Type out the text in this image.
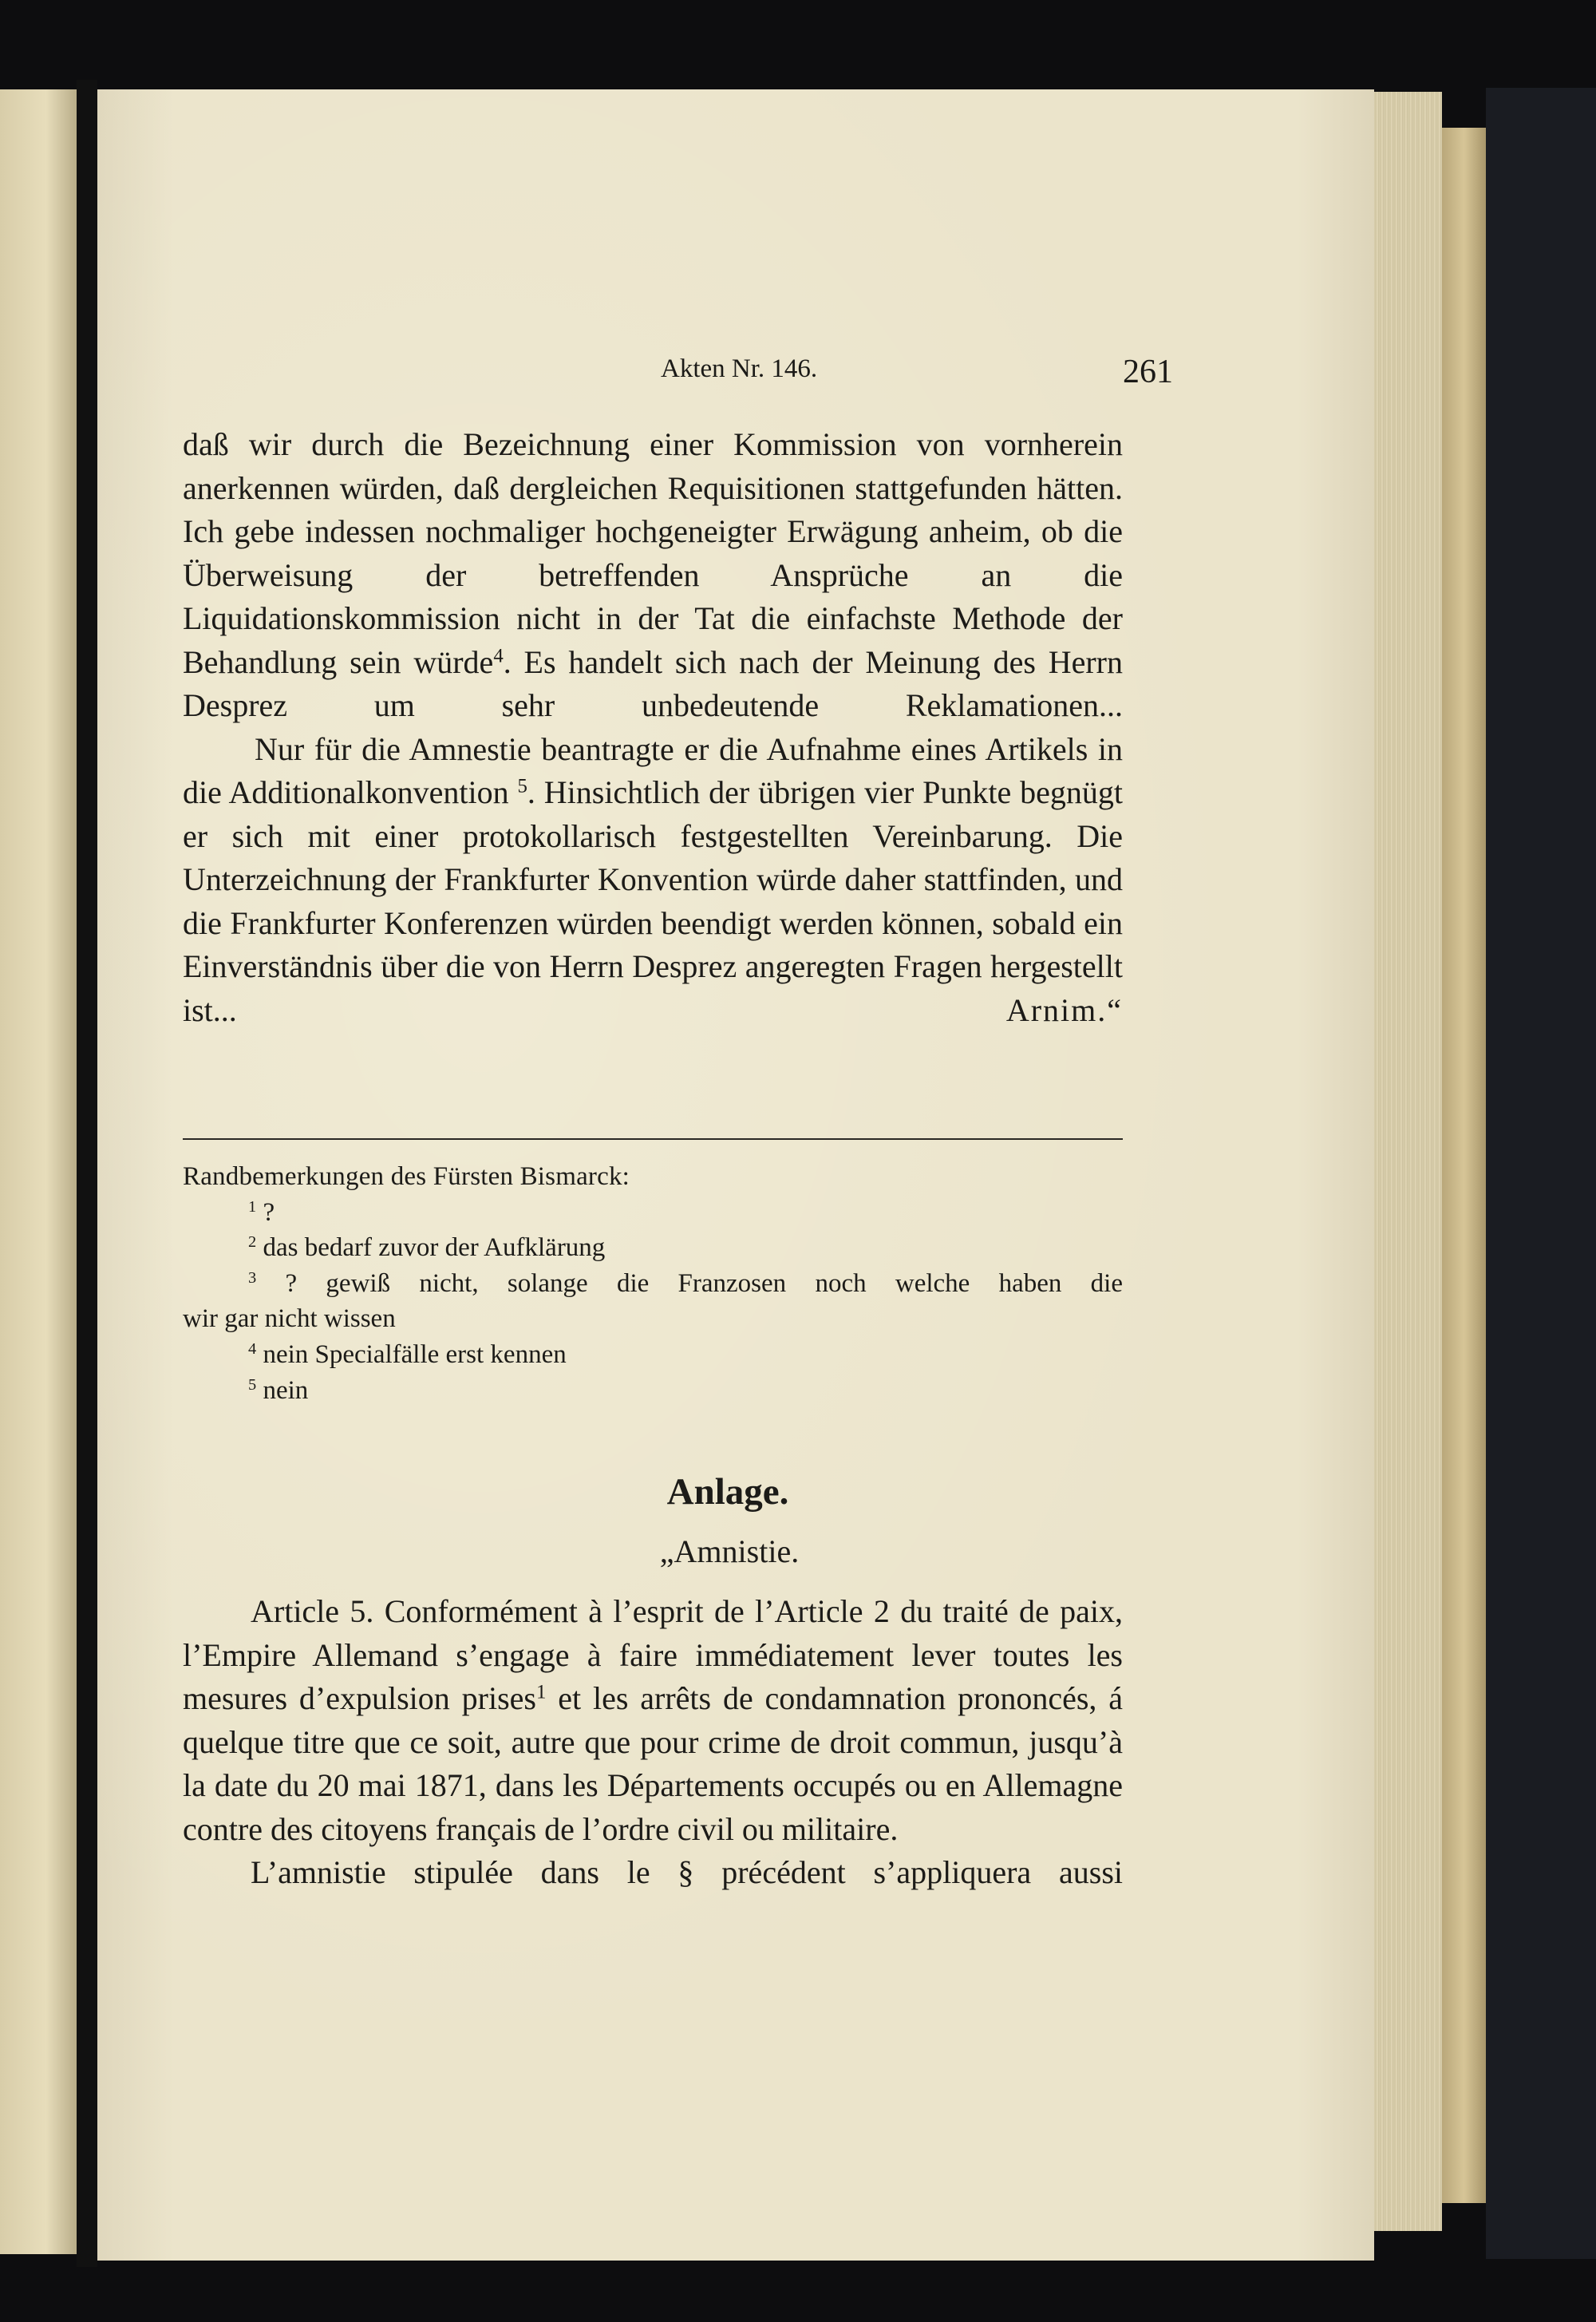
Akten Nr. 146.	261

daß wir durch die Bezeichnung einer Kommission von vornherein anerkennen würden, daß dergleichen Requisitionen stattgefunden hätten. Ich gebe indessen nochmaliger hochgeneigter Erwägung anheim, ob die Überweisung der betreffenden Ansprüche an die Liquidationskommission nicht in der Tat die einfachste Methode der Behandlung sein würde$^4$. Es handelt sich nach der Meinung des Herrn Desprez um sehr unbedeutende Reklamationen...

Nur für die Amnestie beantragte er die Aufnahme eines Artikels in die Additionalkonvention $^5$. Hinsichtlich der übrigen vier Punkte begnügt er sich mit einer protokollarisch festgestellten Vereinbarung. Die Unterzeichnung der Frankfurter Konvention würde daher stattfinden, und die Frankfurter Konferenzen würden beendigt werden können, sobald ein Einverständnis über die von Herrn Desprez angeregten Fragen hergestellt ist...	Arnim.“

Randbemerkungen des Fürsten Bismarck:

$^1$ ?

$^2$ das bedarf zuvor der Aufklärung

$^3$ ? gewiß nicht, solange die Franzosen noch welche haben die

wir gar nicht wissen

$^4$ nein Specialfälle erst kennen

$^5$ nein

Anlage.
„Amnistie.

Article 5. Conformément à l’esprit de l’Article 2 du traité de paix, l’Empire Allemand s’engage à faire immédiatement lever toutes les mesures d’expulsion prises$^1$ et les arrêts de condamnation prononcés, á quelque titre que ce soit, autre que pour crime de droit commun, jusqu’à la date du 20 mai 1871, dans les Départements occupés ou en Allemagne contre des citoyens français de l’ordre civil ou militaire.

L’amnistie stipulée dans le § précédent s’appliquera aussi
